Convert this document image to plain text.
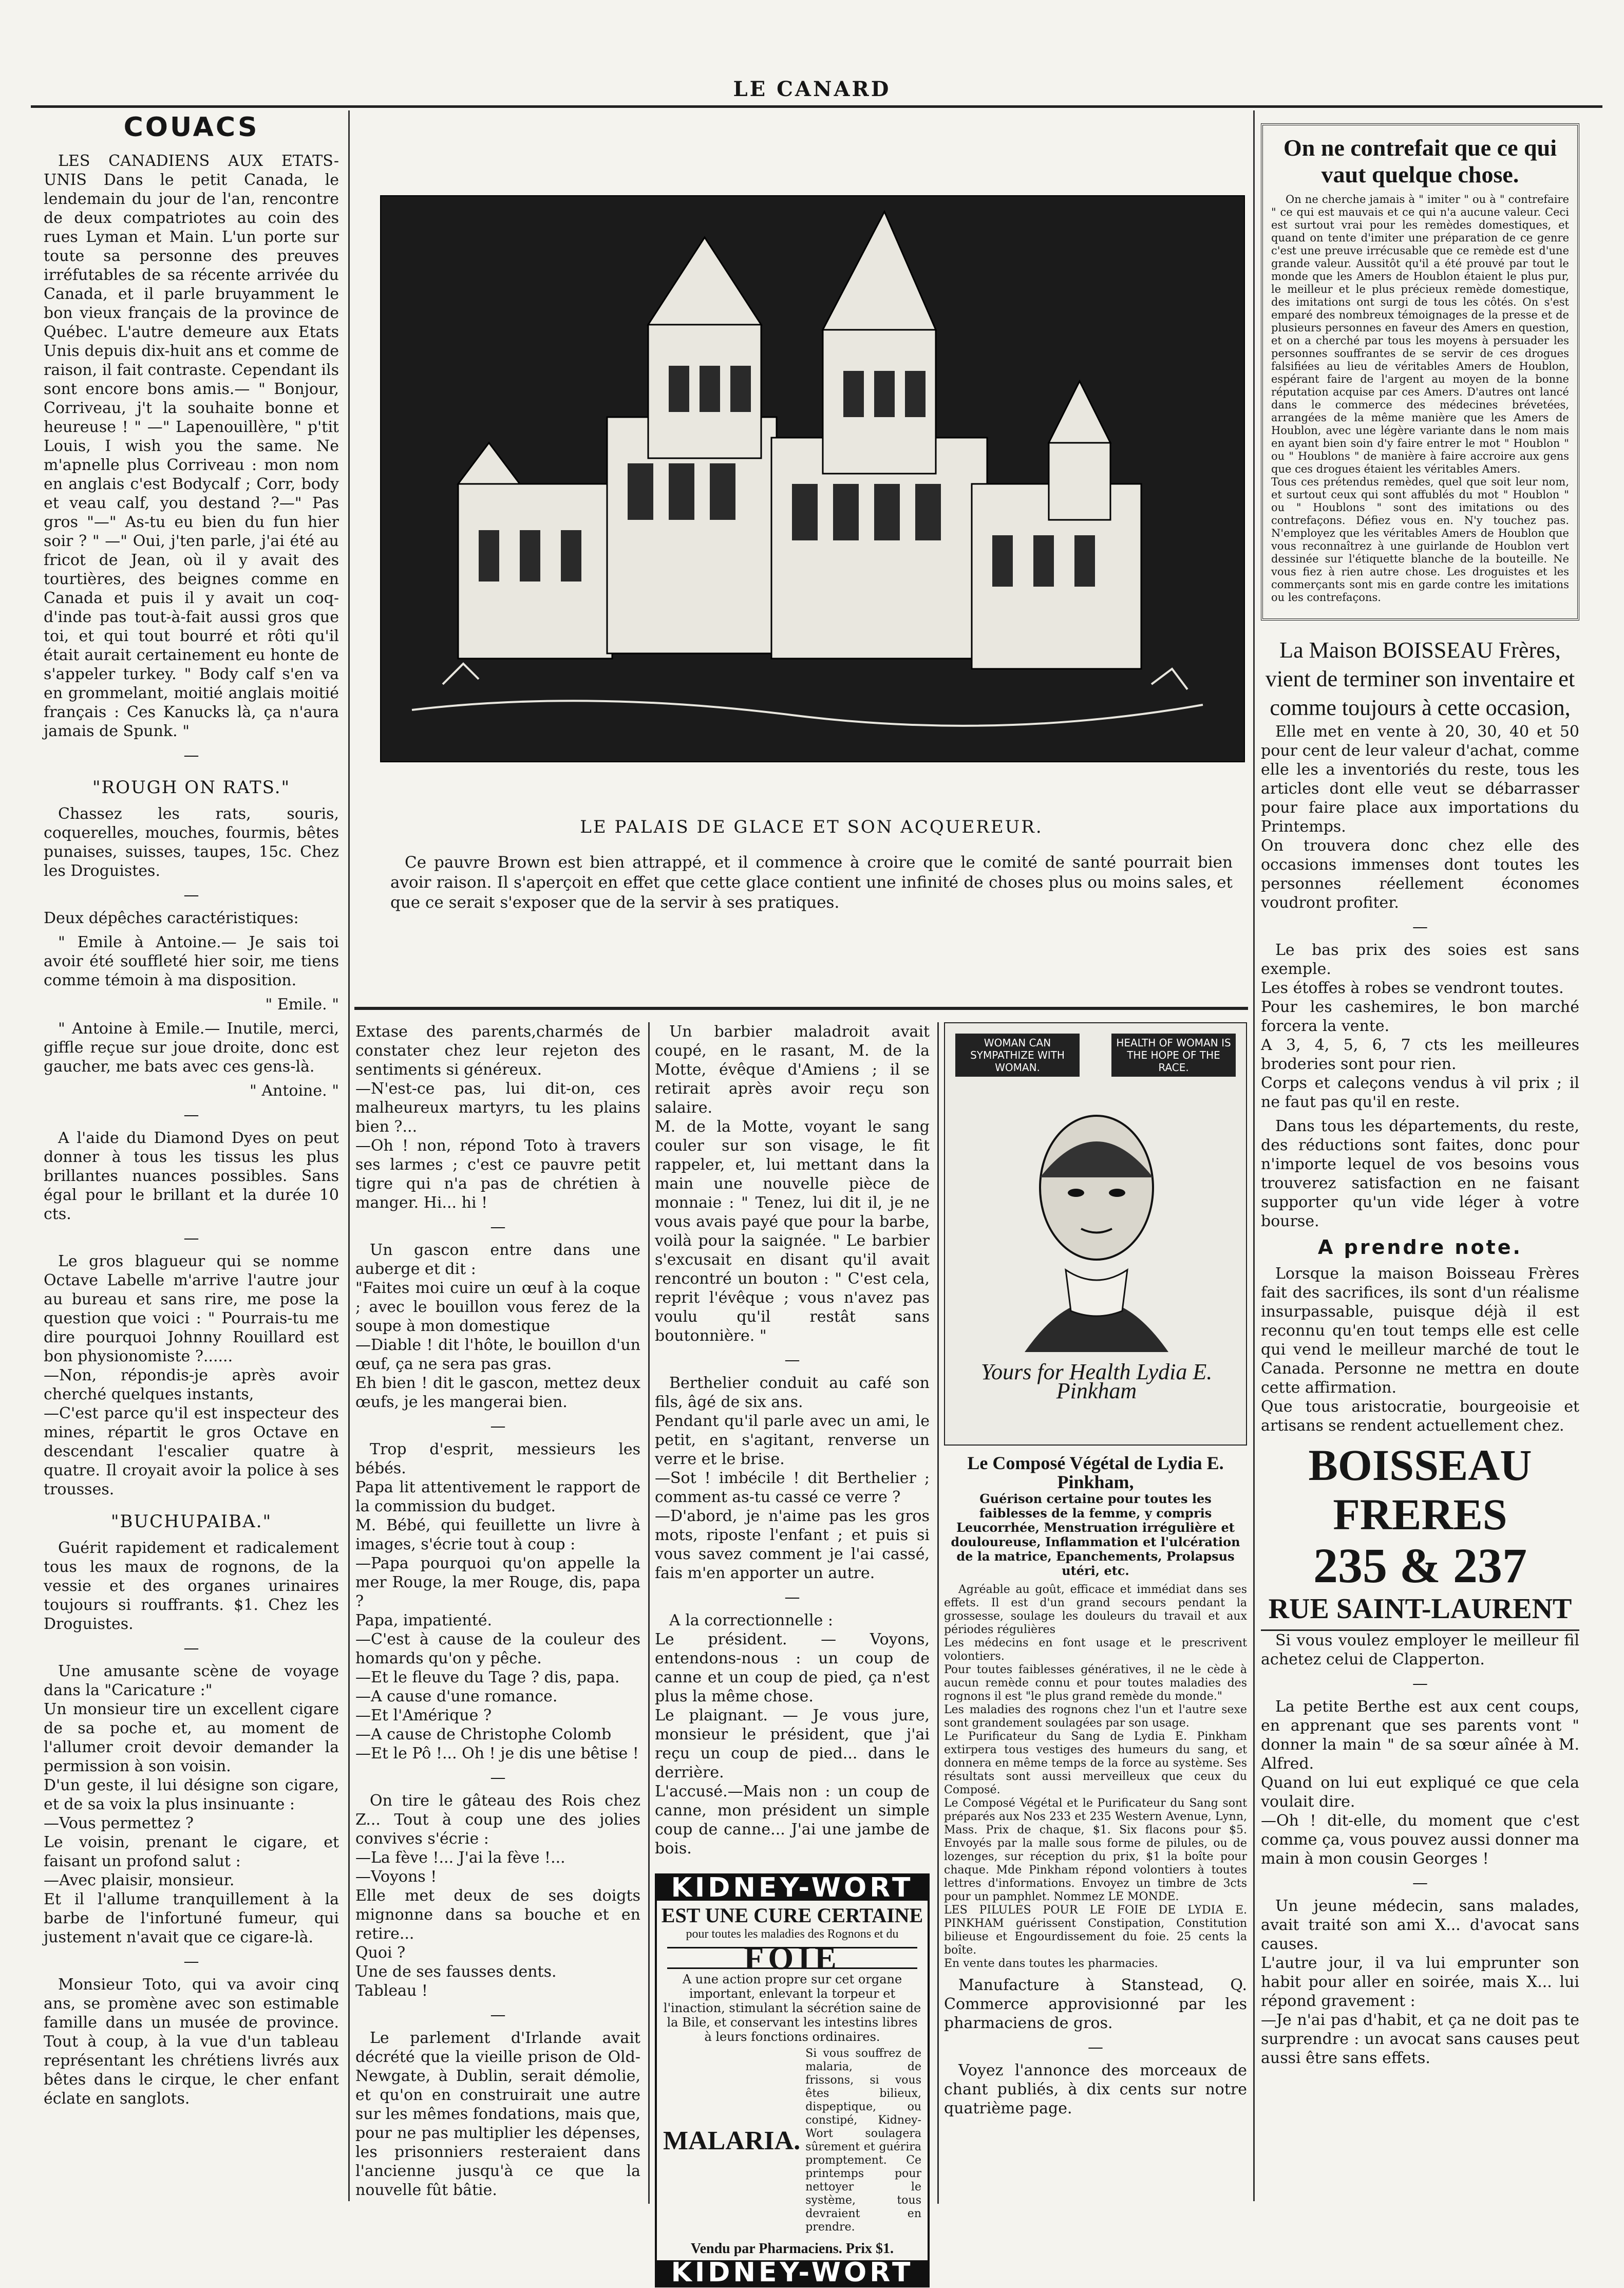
LE CANARD
COUACS

LES CANADIENS AUX ETATS-UNIS Dans le petit Canada, le lendemain du jour de l'an, rencontre de deux compatriotes au coin des rues Lyman et Main. L'un porte sur toute sa personne des preuves irréfutables de sa récente arrivée du Canada, et il parle bruyamment le bon vieux français de la province de Québec. L'autre demeure aux Etats Unis depuis dix-huit ans et comme de raison, il fait contraste. Cependant ils sont encore bons amis.— " Bonjour, Corriveau, j't la souhaite bonne et heureuse ! " —" Lapenouillère, " p'tit Louis, I wish you the same. Ne m'apnelle plus Corriveau : mon nom en anglais c'est Bodycalf ; Corr, body et veau calf, you destand ?—" Pas gros "—" As-tu eu bien du fun hier soir ? " —" Oui, j'ten parle, j'ai été au fricot de Jean, où il y avait des tourtières, des beignes comme en Canada et puis il y avait un coq-d'inde pas tout-à-fait aussi gros que toi, et qui tout bourré et rôti qu'il était aurait certainement eu honte de s'appeler turkey. " Body calf s'en va en grommelant, moitié anglais moitié français : Ces Kanucks là, ça n'aura jamais de Spunk. "

—
"ROUGH ON RATS."

Chassez les rats, souris, coquerelles, mouches, fourmis, bêtes punaises, suisses, taupes, 15c. Chez les Droguistes.

—

Deux dépêches caractéristiques:

" Emile à Antoine.— Je sais toi avoir été souffleté hier soir, me tiens comme témoin à ma disposition.

" Emile. "

" Antoine à Emile.— Inutile, merci, giffle reçue sur joue droite, donc est gaucher, me bats avec ces gens-là.

" Antoine. "

—

A l'aide du Diamond Dyes on peut donner à tous les tissus les plus brillantes nuances possibles. Sans égal pour le brillant et la durée 10 cts.

—

Le gros blagueur qui se nomme Octave Labelle m'arrive l'autre jour au bureau et sans rire, me pose la question que voici : " Pourrais-tu me dire pourquoi Johnny Rouillard est bon physionomiste ?......
—Non, répondis-je après avoir cherché quelques instants,
—C'est parce qu'il est inspecteur des mines, répartit le gros Octave en descendant l'escalier quatre à quatre. Il croyait avoir la police à ses trousses.

"BUCHUPAIBA."

Guérit rapidement et radicalement tous les maux de rognons, de la vessie et des organes urinaires toujours si rouffrants. $1. Chez les Droguistes.

—

Une amusante scène de voyage dans la "Caricature :"
Un monsieur tire un excellent cigare de sa poche et, au moment de l'allumer croit devoir demander la permission à son voisin.
D'un geste, il lui désigne son cigare, et de sa voix la plus insinuante :
—Vous permettez ?
Le voisin, prenant le cigare, et faisant un profond salut :
—Avec plaisir, monsieur.
Et il l'allume tranquillement à la barbe de l'infortuné fumeur, qui justement n'avait que ce cigare-là.

—

Monsieur Toto, qui va avoir cinq ans, se promène avec son estimable famille dans un musée de province. Tout à coup, à la vue d'un tableau représentant les chrétiens livrés aux bêtes dans le cirque, le cher enfant éclate en sanglots.

LE PALAIS DE GLACE ET SON ACQUEREUR.
Ce pauvre Brown est bien attrappé, et il commence à croire que le comité de santé pourrait bien avoir raison. Il s'aperçoit en effet que cette glace contient une infinité de choses plus ou moins sales, et que ce serait s'exposer que de la servir à ses pratiques.

Extase des parents,charmés de constater chez leur rejeton des sentiments si généreux.
—N'est-ce pas, lui dit-on, ces malheureux martyrs, tu les plains bien ?...
—Oh ! non, répond Toto à travers ses larmes ; c'est ce pauvre petit tigre qui n'a pas de chrétien à manger. Hi... hi !

—

Un gascon entre dans une auberge et dit :
"Faites moi cuire un œuf à la coque ; avec le bouillon vous ferez de la soupe à mon domestique
—Diable ! dit l'hôte, le bouillon d'un œuf, ça ne sera pas gras.
Eh bien ! dit le gascon, mettez deux œufs, je les mangerai bien.

—

Trop d'esprit, messieurs les bébés.
Papa lit attentivement le rapport de la commission du budget.
M. Bébé, qui feuillette un livre à images, s'écrie tout à coup :
—Papa pourquoi qu'on appelle la mer Rouge, la mer Rouge, dis, papa ?
Papa, impatienté.
—C'est à cause de la couleur des homards qu'on y pêche.
—Et le fleuve du Tage ? dis, papa.
—A cause d'une romance.
—Et l'Amérique ?
—A cause de Christophe Colomb
—Et le Pô !... Oh ! je dis une bêtise !

—

On tire le gâteau des Rois chez Z... Tout à coup une des jolies convives s'écrie :
—La fève !... J'ai la fève !...
—Voyons !
Elle met deux de ses doigts mignonne dans sa bouche et en retire...
Quoi ?
Une de ses fausses dents.
Tableau !

—

Le parlement d'Irlande avait décrété que la vieille prison de Old-Newgate, à Dublin, serait démolie, et qu'on en construirait une autre sur les mêmes fondations, mais que, pour ne pas multiplier les dépenses, les prisonniers resteraient dans l'ancienne jusqu'à ce que la nouvelle fût bâtie.

Un barbier maladroit avait coupé, en le rasant, M. de la Motte, évêque d'Amiens ; il se retirait après avoir reçu son salaire.
M. de la Motte, voyant le sang couler sur son visage, le fit rappeler, et, lui mettant dans la main une nouvelle pièce de monnaie : " Tenez, lui dit il, je ne vous avais payé que pour la barbe, voilà pour la saignée. " Le barbier s'excusait en disant qu'il avait rencontré un bouton : " C'est cela, reprit l'évêque ; vous n'avez pas voulu qu'il restât sans boutonnière. "

—

Berthelier conduit au café son fils, âgé de six ans.
Pendant qu'il parle avec un ami, le petit, en s'agitant, renverse un verre et le brise.
—Sot ! imbécile ! dit Berthelier ; comment as-tu cassé ce verre ?
—D'abord, je n'aime pas les gros mots, riposte l'enfant ; et puis si vous savez comment je l'ai cassé, fais m'en apporter un autre.

—

A la correctionnelle :
Le président. — Voyons, entendons-nous : un coup de canne et un coup de pied, ça n'est plus la même chose.
Le plaignant. — Je vous jure, monsieur le président, que j'ai reçu un coup de pied... dans le derrière.
L'accusé.—Mais non : un coup de canne, mon président un simple coup de canne... J'ai une jambe de bois.

KIDNEY-WORT
EST UNE CURE CERTAINE
pour toutes les maladies des Rognons et du
FOIE
A une action propre sur cet organe important, enlevant la torpeur et l'inaction, stimulant la sécrétion saine de la Bile, et conservant les intestins libres à leurs fonctions ordinaires.
MALARIA.
Si vous souffrez de malaria, de frissons, si vous êtes bilieux, dispeptique, ou constipé, Kidney-Wort soulagera sûrement et guérira promptement. Ce printemps pour nettoyer le système, tous devraient en prendre.
Vendu par Pharmaciens. Prix $1.
KIDNEY-WORT
WOMAN CAN SYMPATHIZE WITH WOMAN.
HEALTH OF WOMAN IS THE HOPE OF THE RACE.
Yours for Health Lydia E. Pinkham
Le Composé Végétal de Lydia E. Pinkham,

Guérison certaine pour toutes les faiblesses de la femme, y compris Leucorrhée, Menstruation irrégulière et douloureuse, Inflammation et l'ulcération de la matrice, Epanchements, Prolapsus utéri, etc.

Agréable au goût, efficace et immédiat dans ses effets. Il est d'un grand secours pendant la grossesse, soulage les douleurs du travail et aux périodes régulières
Les médecins en font usage et le prescrivent volontiers.
Pour toutes faiblesses génératives, il ne le cède à aucun remède connu et pour toutes maladies des rognons il est "le plus grand remède du monde."
Les maladies des rognons chez l'un et l'autre sexe sont grandement soulagées par son usage.
Le Purificateur du Sang de Lydia E. Pinkham extirpera tous vestiges des humeurs du sang, et donnera en même temps de la force au système. Ses résultats sont aussi merveilleux que ceux du Composé.
Le Composé Végétal et le Purificateur du Sang sont préparés aux Nos 233 et 235 Western Avenue, Lynn, Mass. Prix de chaque, $1. Six flacons pour $5. Envoyés par la malle sous forme de pilules, ou de lozenges, sur réception du prix, $1 la boîte pour chaque. Mde Pinkham répond volontiers à toutes lettres d'informations. Envoyez un timbre de 3cts pour un pamphlet. Nommez LE MONDE.
LES PILULES POUR LE FOIE DE LYDIA E. PINKHAM guérissent Constipation, Constitution bilieuse et Engourdissement du foie. 25 cents la boîte.
En vente dans toutes les pharmacies.

Manufacture à Stanstead, Q. Commerce approvisionné par les pharmaciens de gros.

—

Voyez l'annonce des morceaux de chant publiés, à dix cents sur notre quatrième page.

On ne contrefait que ce qui vaut quelque chose.

On ne cherche jamais à " imiter " ou à " contrefaire " ce qui est mauvais et ce qui n'a aucune valeur. Ceci est surtout vrai pour les remèdes domestiques, et quand on tente d'imiter une préparation de ce genre c'est une preuve irrécusable que ce remède est d'une grande valeur. Aussitôt qu'il a été prouvé par tout le monde que les Amers de Houblon étaient le plus pur, le meilleur et le plus précieux remède domestique, des imitations ont surgi de tous les côtés. On s'est emparé des nombreux témoignages de la presse et de plusieurs personnes en faveur des Amers en question, et on a cherché par tous les moyens à persuader les personnes souffrantes de se servir de ces drogues falsifiées au lieu de véritables Amers de Houblon, espérant faire de l'argent au moyen de la bonne réputation acquise par ces Amers. D'autres ont lancé dans le commerce des médecines brévetées, arrangées de la même manière que les Amers de Houblon, avec une légère variante dans le nom mais en ayant bien soin d'y faire entrer le mot " Houblon " ou " Houblons " de manière à faire accroire aux gens que ces drogues étaient les véritables Amers.
Tous ces prétendus remèdes, quel que soit leur nom, et surtout ceux qui sont affublés du mot " Houblon " ou " Houblons " sont des imitations ou des contrefaçons. Défiez vous en. N'y touchez pas. N'employez que les véritables Amers de Houblon que vous reconnaîtrez à une guirlande de Houblon vert dessinée sur l'étiquette blanche de la bouteille. Ne vous fiez à rien autre chose. Les droguistes et les commerçants sont mis en garde contre les imitations ou les contrefaçons.

La Maison BOISSEAU Frères, vient de terminer son inventaire et comme toujours à cette occasion,

Elle met en vente à 20, 30, 40 et 50 pour cent de leur valeur d'achat, comme elle les a inventoriés du reste, tous les articles dont elle veut se débarrasser pour faire place aux importations du Printemps.
On trouvera donc chez elle des occasions immenses dont toutes les personnes réellement économes voudront profiter.

—

Le bas prix des soies est sans exemple.
Les étoffes à robes se vendront toutes.
Pour les cashemires, le bon marché forcera la vente.
A 3, 4, 5, 6, 7 cts les meilleures broderies sont pour rien.
Corps et caleçons vendus à vil prix ; il ne faut pas qu'il en reste.

Dans tous les départements, du reste, des réductions sont faites, donc pour n'importe lequel de vos besoins vous trouverez satisfaction en ne faisant supporter qu'un vide léger à votre bourse.

A prendre note.

Lorsque la maison Boisseau Frères fait des sacrifices, ils sont d'un réalisme insurpassable, puisque déjà il est reconnu qu'en tout temps elle est celle qui vend le meilleur marché de tout le Canada. Personne ne mettra en doute cette affirmation.
Que tous aristocratie, bourgeoisie et artisans se rendent actuellement chez.

BOISSEAU FRERES
235 & 237
RUE SAINT-LAURENT

Si vous voulez employer le meilleur fil achetez celui de Clapperton.

—

La petite Berthe est aux cent coups, en apprenant que ses parents vont " donner la main " de sa sœur aînée à M. Alfred.
Quand on lui eut expliqué ce que cela voulait dire.
—Oh ! dit-elle, du moment que c'est comme ça, vous pouvez aussi donner ma main à mon cousin Georges !

—

Un jeune médecin, sans malades, avait traité son ami X... d'avocat sans causes.
L'autre jour, il va lui emprunter son habit pour aller en soirée, mais X... lui répond gravement :
—Je n'ai pas d'habit, et ça ne doit pas te surprendre : un avocat sans causes peut aussi être sans effets.
